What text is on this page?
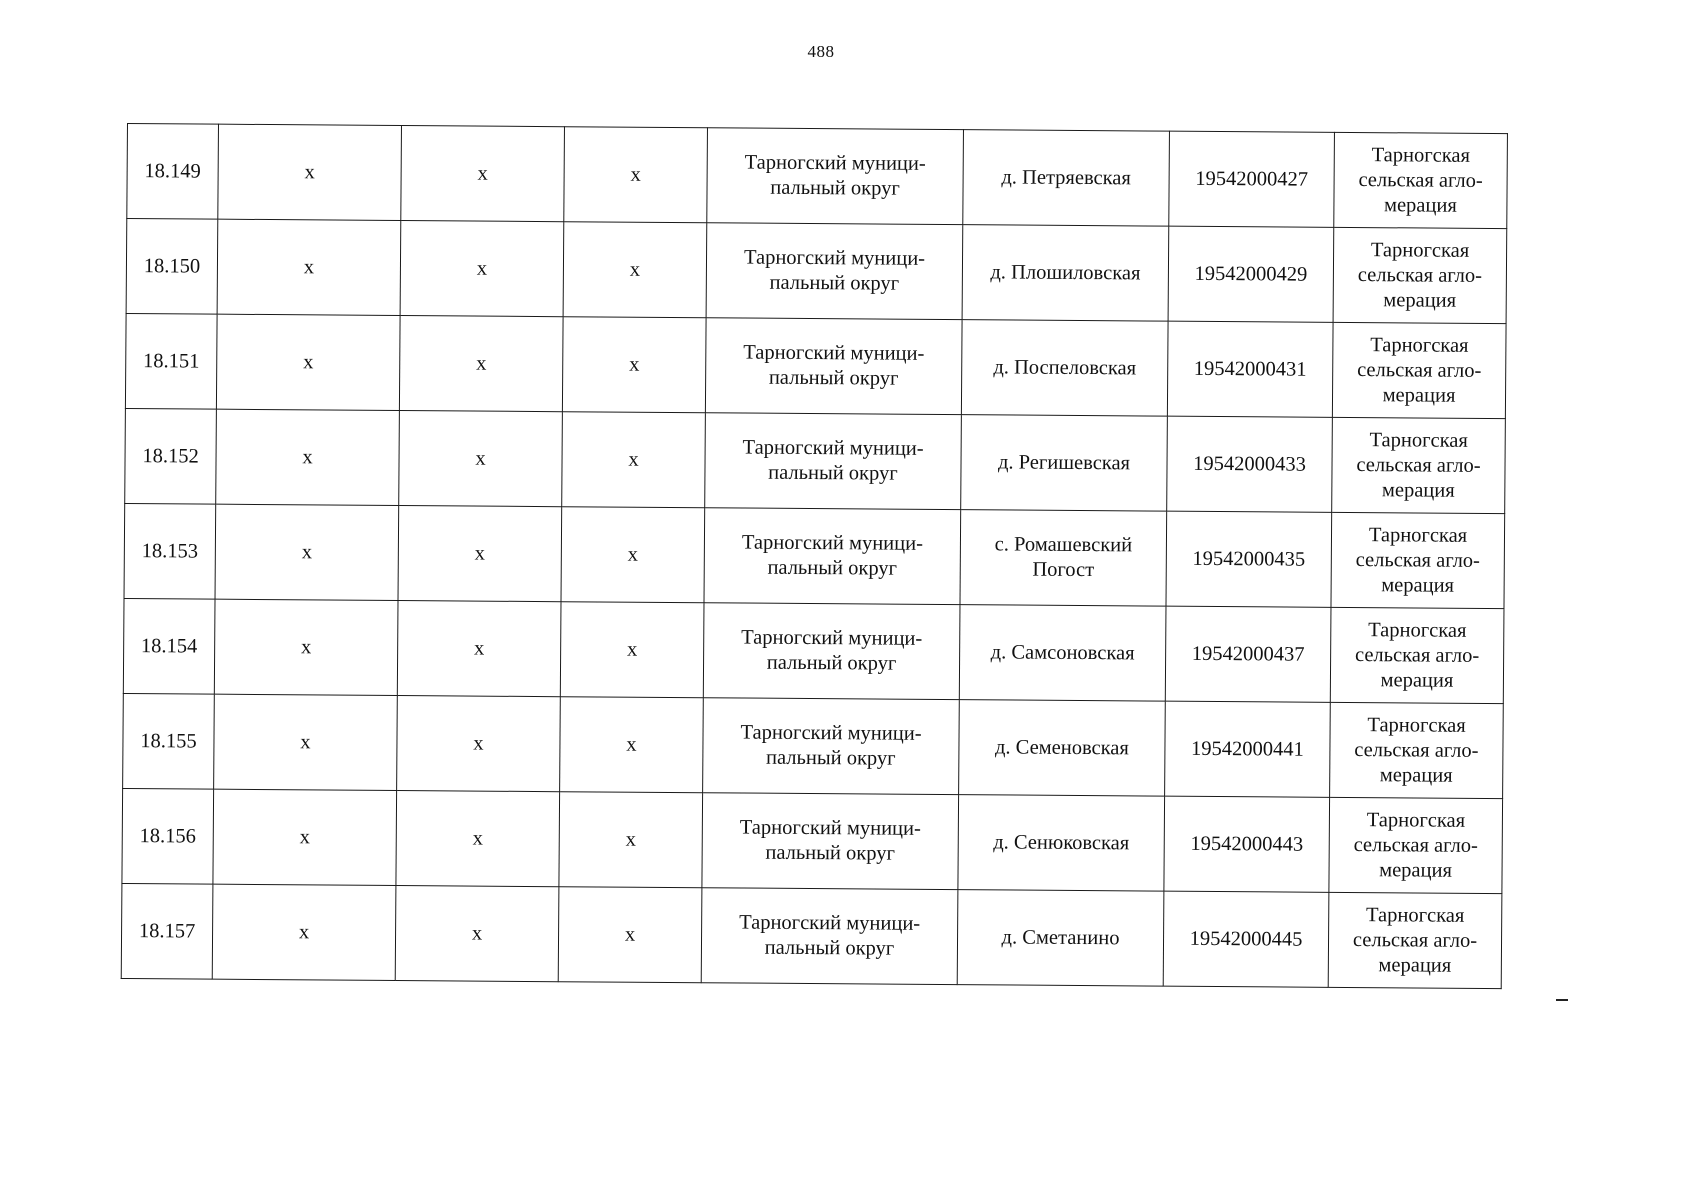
488
18.149	х	х	х	Тарногский муници-
пальный округ	д. Петряевская	19542000427	Тарногская
сельская агло-
мерация
18.150	х	х	х	Тарногский муници-
пальный округ	д. Плошиловская	19542000429	Тарногская
сельская агло-
мерация
18.151	х	х	х	Тарногский муници-
пальный округ	д. Поспеловская	19542000431	Тарногская
сельская агло-
мерация
18.152	х	х	х	Тарногский муници-
пальный округ	д. Регишевская	19542000433	Тарногская
сельская агло-
мерация
18.153	х	х	х	Тарногский муници-
пальный округ	с. Ромашевский
Погост	19542000435	Тарногская
сельская агло-
мерация
18.154	х	х	х	Тарногский муници-
пальный округ	д. Самсоновская	19542000437	Тарногская
сельская агло-
мерация
18.155	х	х	х	Тарногский муници-
пальный округ	д. Семеновская	19542000441	Тарногская
сельская агло-
мерация
18.156	х	х	х	Тарногский муници-
пальный округ	д. Сенюковская	19542000443	Тарногская
сельская агло-
мерация
18.157	х	х	х	Тарногский муници-
пальный округ	д. Сметанино	19542000445	Тарногская
сельская агло-
мерация
